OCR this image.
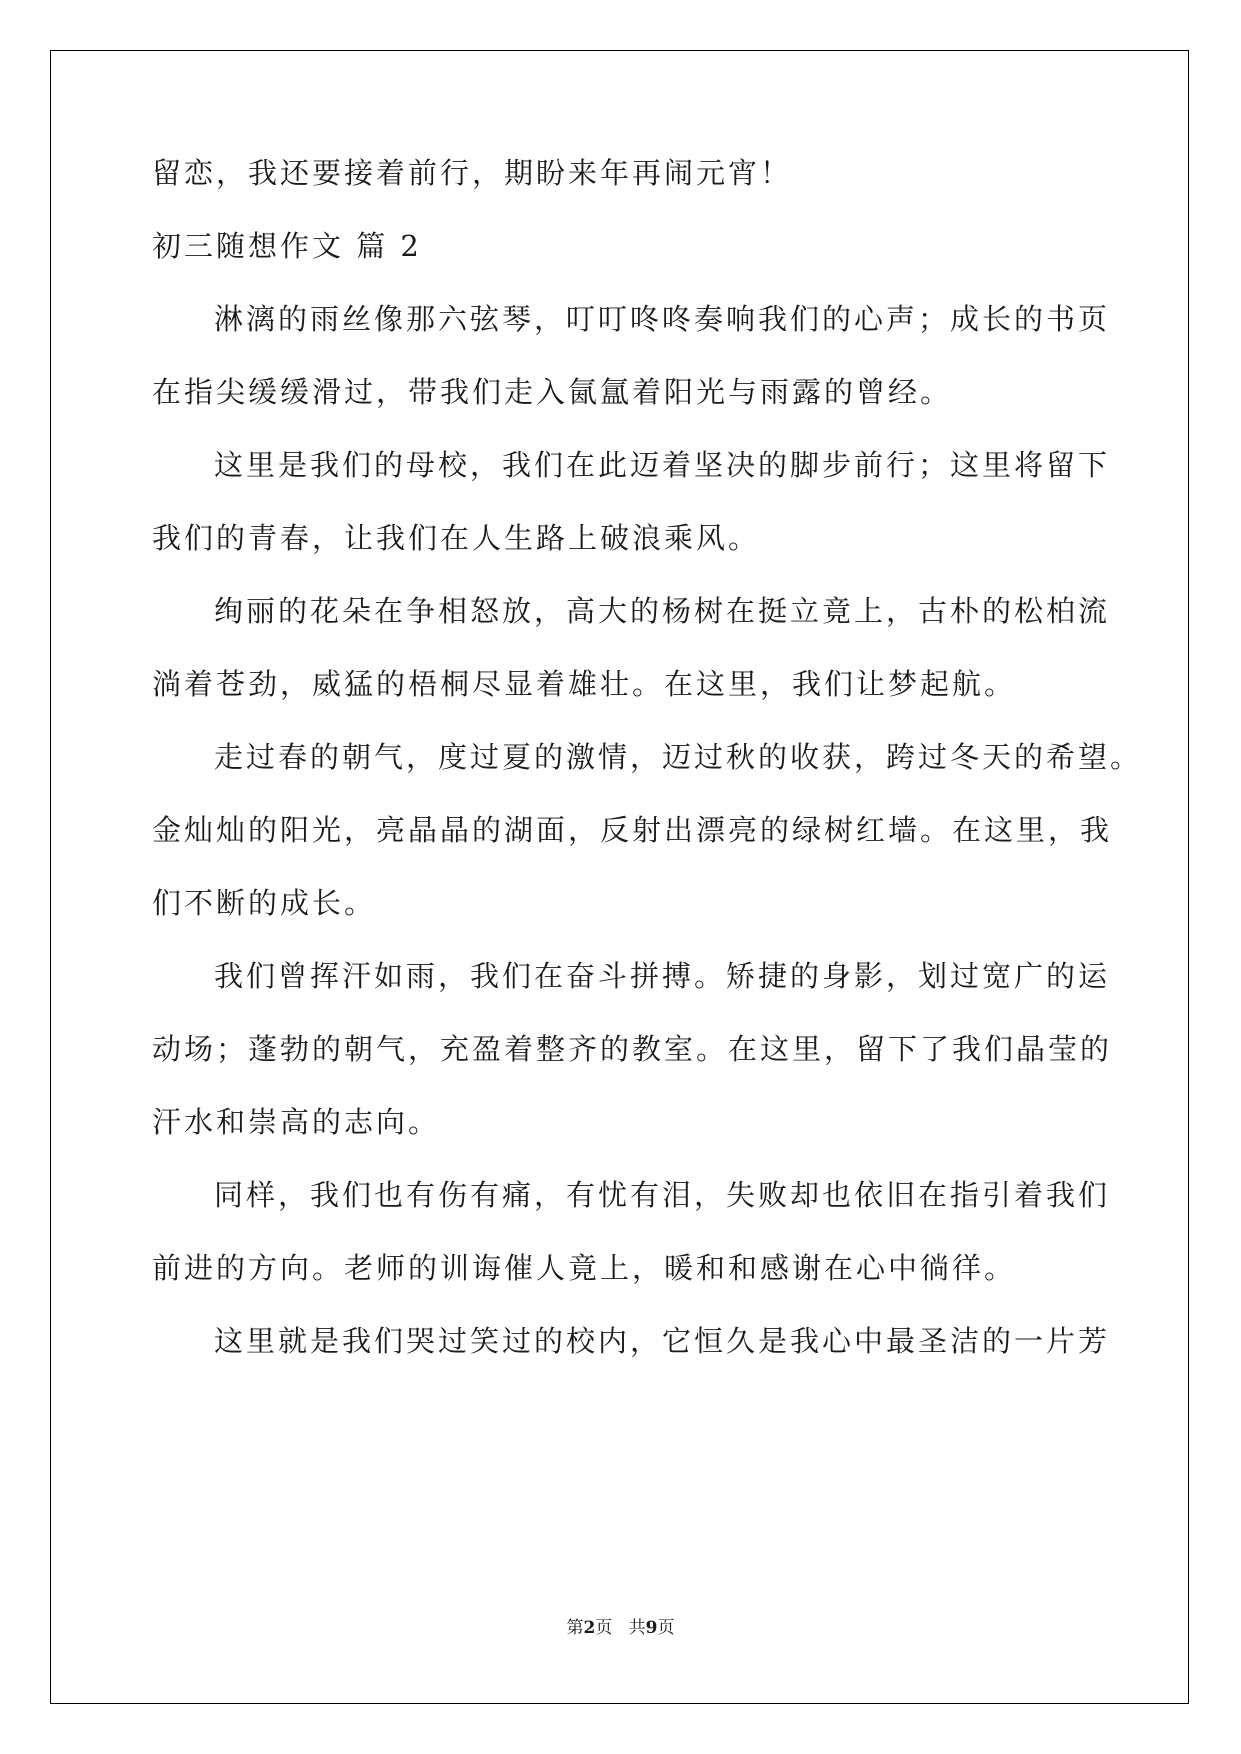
留恋，我还要接着前行，期盼来年再闹元宵！
初三随想作文 篇 2
淋漓的雨丝像那六弦琴，叮叮咚咚奏响我们的心声；成长的书页
在指尖缓缓滑过，带我们走入氤氲着阳光与雨露的曾经。
这里是我们的母校，我们在此迈着坚决的脚步前行；这里将留下
我们的青春，让我们在人生路上破浪乘风。
绚丽的花朵在争相怒放，高大的杨树在挺立竟上，古朴的松柏流
淌着苍劲，威猛的梧桐尽显着雄壮。在这里，我们让梦起航。
走过春的朝气，度过夏的激情，迈过秋的收获，跨过冬天的希望。
金灿灿的阳光，亮晶晶的湖面，反射出漂亮的绿树红墙。在这里，我
们不断的成长。
我们曾挥汗如雨，我们在奋斗拼搏。矫捷的身影，划过宽广的运
动场；蓬勃的朝气，充盈着整齐的教室。在这里，留下了我们晶莹的
汗水和崇高的志向。
同样，我们也有伤有痛，有忧有泪，失败却也依旧在指引着我们
前进的方向。老师的训诲催人竟上，暖和和感谢在心中徜徉。
这里就是我们哭过笑过的校内，它恒久是我心中最圣洁的一片芳
第2页 共9页
